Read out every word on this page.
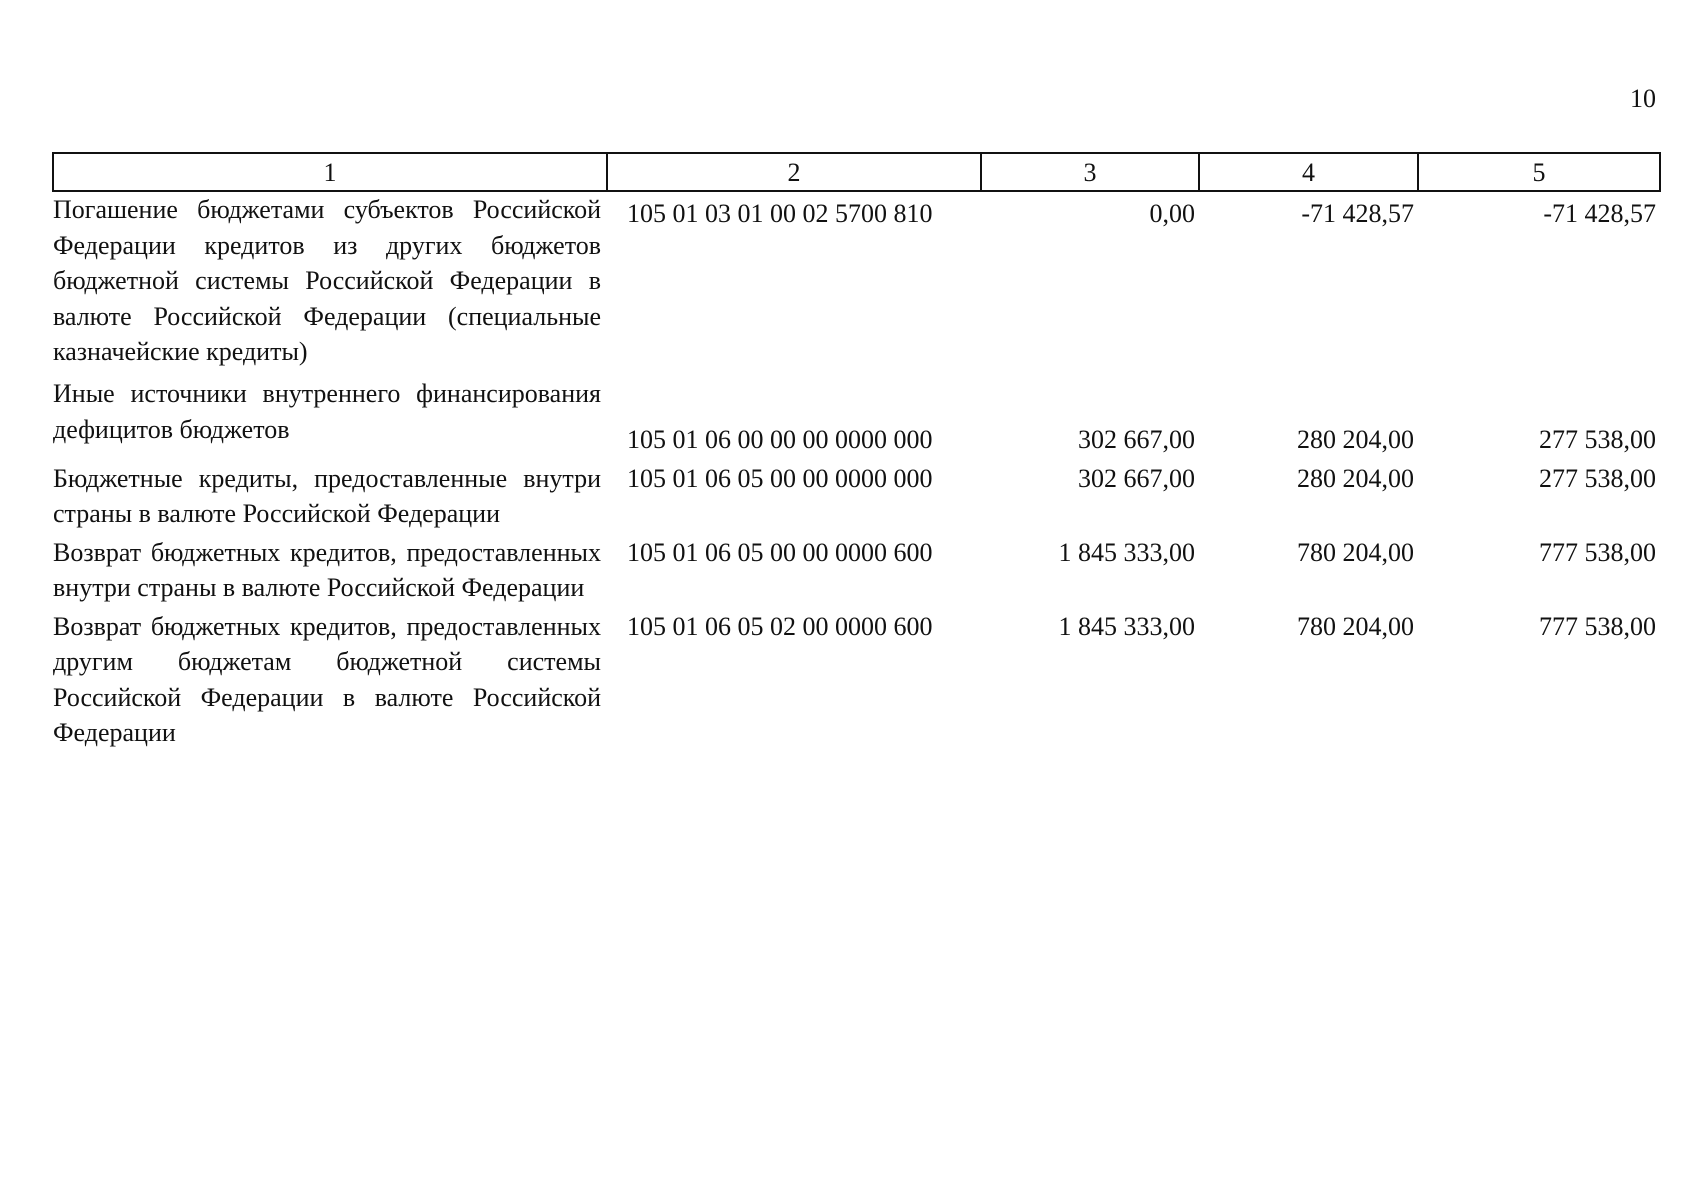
10
1	2	3	4	5
Погашение бюджетами субъектов Российской Федерации кредитов из других бюджетов бюджетной системы Российской Федерации в валюте Российской Федерации (специальные казначейские кредиты)	105 01 03 01 00 02 5700 810	0,00	-71 428,57	-71 428,57
Иные источники внутреннего финансирования дефицитов бюджетов	105 01 06 00 00 00 0000 000	302 667,00	280 204,00	277 538,00
Бюджетные кредиты, предоставленные внутри страны в валюте Российской Федерации	105 01 06 05 00 00 0000 000	302 667,00	280 204,00	277 538,00
Возврат бюджетных кредитов, предоставленных внутри страны в валюте Российской Федерации	105 01 06 05 00 00 0000 600	1 845 333,00	780 204,00	777 538,00
Возврат бюджетных кредитов, предоставленных другим бюджетам бюджетной системы Российской Федерации в валюте Российской Федерации	105 01 06 05 02 00 0000 600	1 845 333,00	780 204,00	777 538,00
